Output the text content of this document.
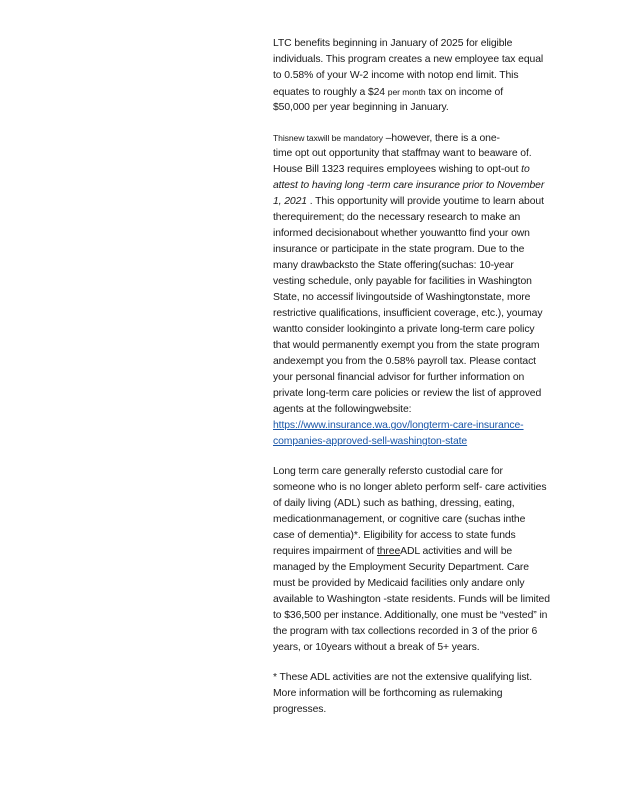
LTC benefits beginning in January of 2025 for eligible
individuals. This program creates a new employee tax equal
to 0.58% of your W-2 income with notop end limit. This
equates to roughly a $24 per month tax on income of
$50,000 per year beginning in January.
Thisnew taxwill be mandatory –however, there is a one-
time opt out opportunity that staffmay want to beaware of.
House Bill 1323 requires employees wishing to opt-out to
attest to having long -term care insurance prior to November
1, 2021 . This opportunity will provide youtime to learn about
therequirement; do the necessary research to make an
informed decisionabout whether youwantto find your own
insurance or participate in the state program. Due to the
many drawbacksto the State offering(suchas: 10-year
vesting schedule, only payable for facilities in Washington
State, no accessif livingoutside of Washingtonstate, more
restrictive qualifications, insufficient coverage, etc.), youmay
wantto consider lookinginto a private long-term care policy
that would permanently exempt you from the state program
andexempt you from the 0.58% payroll tax. Please contact
your personal financial advisor for further information on
private long-term care policies or review the list of approved
agents at the followingwebsite:
https://www.insurance.wa.gov/longterm-care-insurance-
companies-approved-sell-washington-state
Long term care generally refersto custodial care for
someone who is no longer ableto perform self- care activities
of daily living (ADL) such as bathing, dressing, eating,
medicationmanagement, or cognitive care (suchas inthe
case of dementia)*. Eligibility for access to state funds
requires impairment of threeADL activities and will be
managed by the Employment Security Department. Care
must be provided by Medicaid facilities only andare only
available to Washington -state residents. Funds will be limited
to $36,500 per instance. Additionally, one must be “vested” in
the program with tax collections recorded in 3 of the prior 6
years, or 10years without a break of 5+ years.
* These ADL activities are not the extensive qualifying list.
More information will be forthcoming as rulemaking
progresses.
